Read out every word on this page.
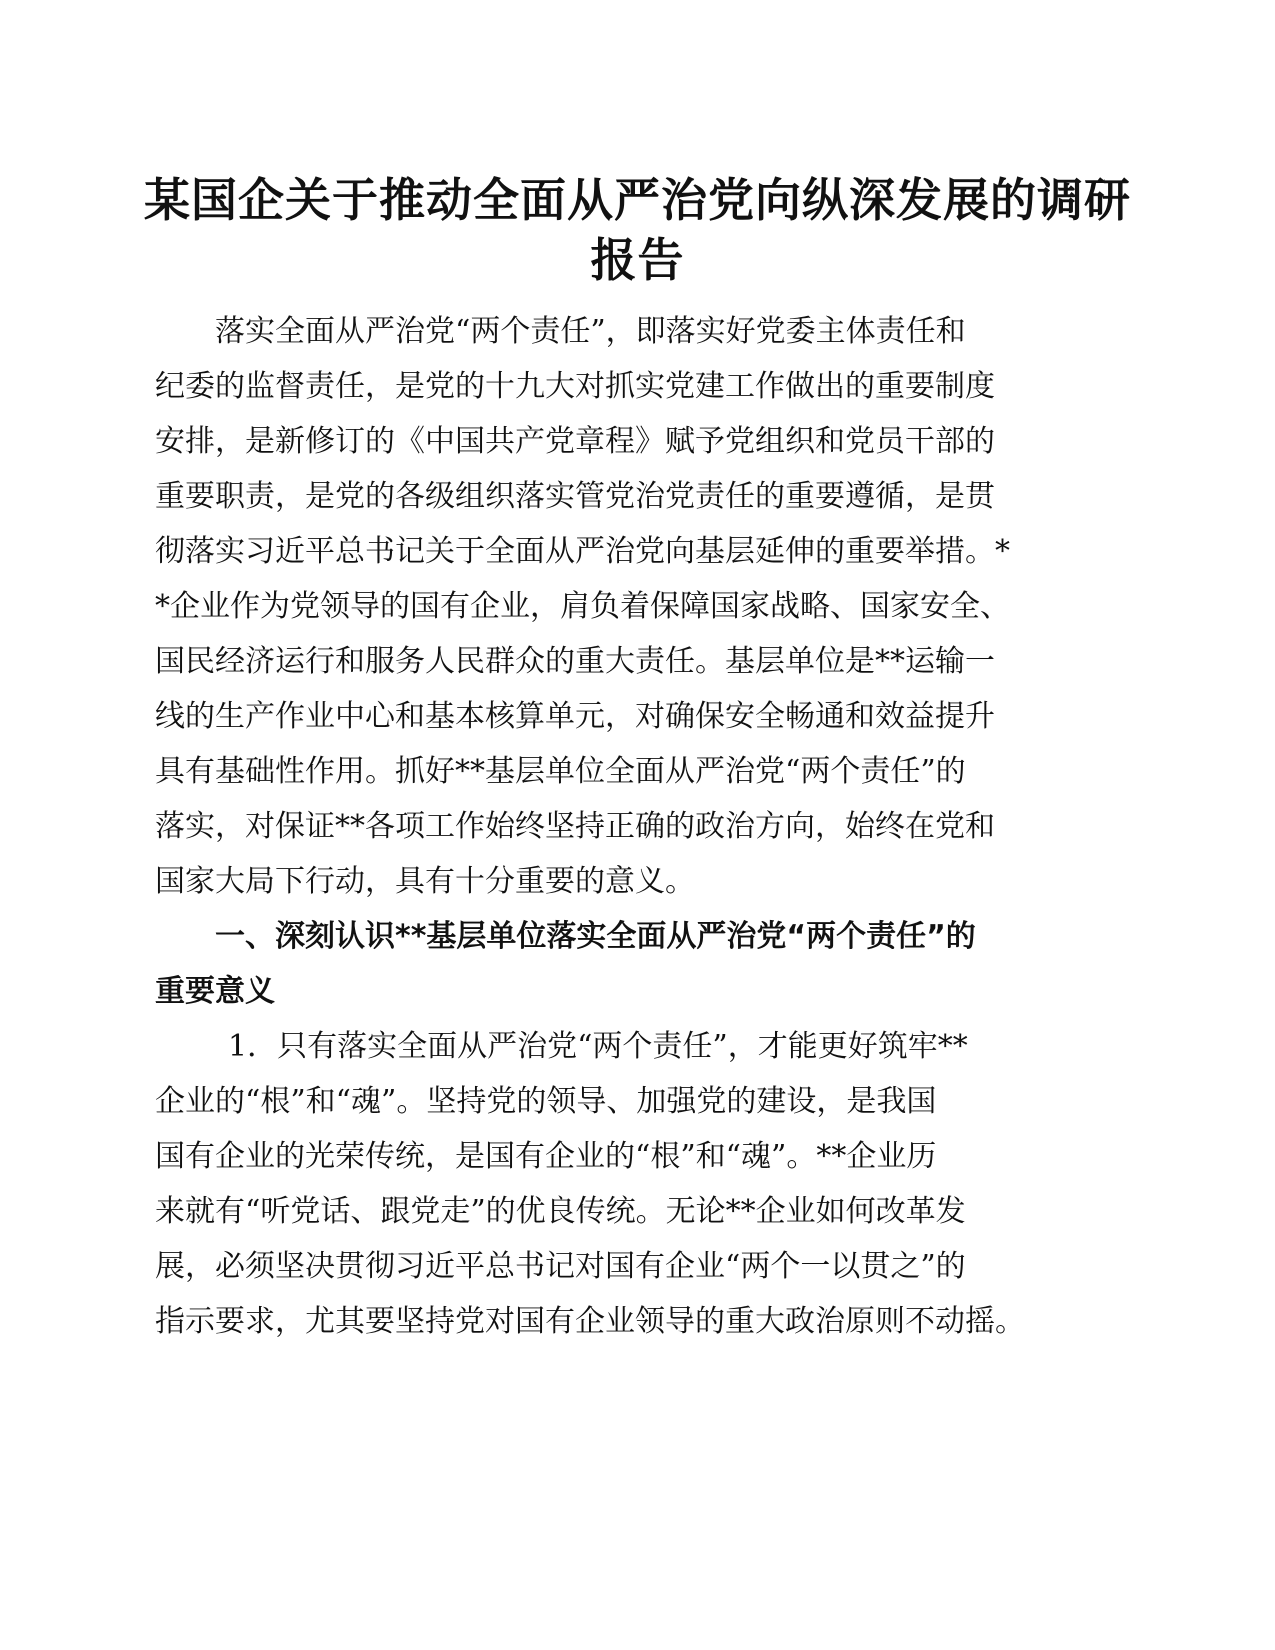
某国企关于推动全面从严治党向纵深发展的调研报告

落实全面从严治党“两个责任”，即落实好党委主体责任和

纪委的监督责任，是党的十九大对抓实党建工作做出的重要制度

安排，是新修订的《中国共产党章程》赋予党组织和党员干部的

重要职责，是党的各级组织落实管党治党责任的重要遵循，是贯

彻落实习近平总书记关于全面从严治党向基层延伸的重要举措。*

*企业作为党领导的国有企业，肩负着保障国家战略、国家安全、

国民经济运行和服务人民群众的重大责任。基层单位是**运输一

线的生产作业中心和基本核算单元，对确保安全畅通和效益提升

具有基础性作用。抓好**基层单位全面从严治党“两个责任”的

落实，对保证**各项工作始终坚持正确的政治方向，始终在党和

国家大局下行动，具有十分重要的意义。

一、深刻认识**基层单位落实全面从严治党“两个责任”的

重要意义

1．只有落实全面从严治党“两个责任”，才能更好筑牢**

企业的“根”和“魂”。坚持党的领导、加强党的建设，是我国

国有企业的光荣传统，是国有企业的“根”和“魂”。**企业历

来就有“听党话、跟党走”的优良传统。无论**企业如何改革发

展，必须坚决贯彻习近平总书记对国有企业“两个一以贯之”的

指示要求，尤其要坚持党对国有企业领导的重大政治原则不动摇。
